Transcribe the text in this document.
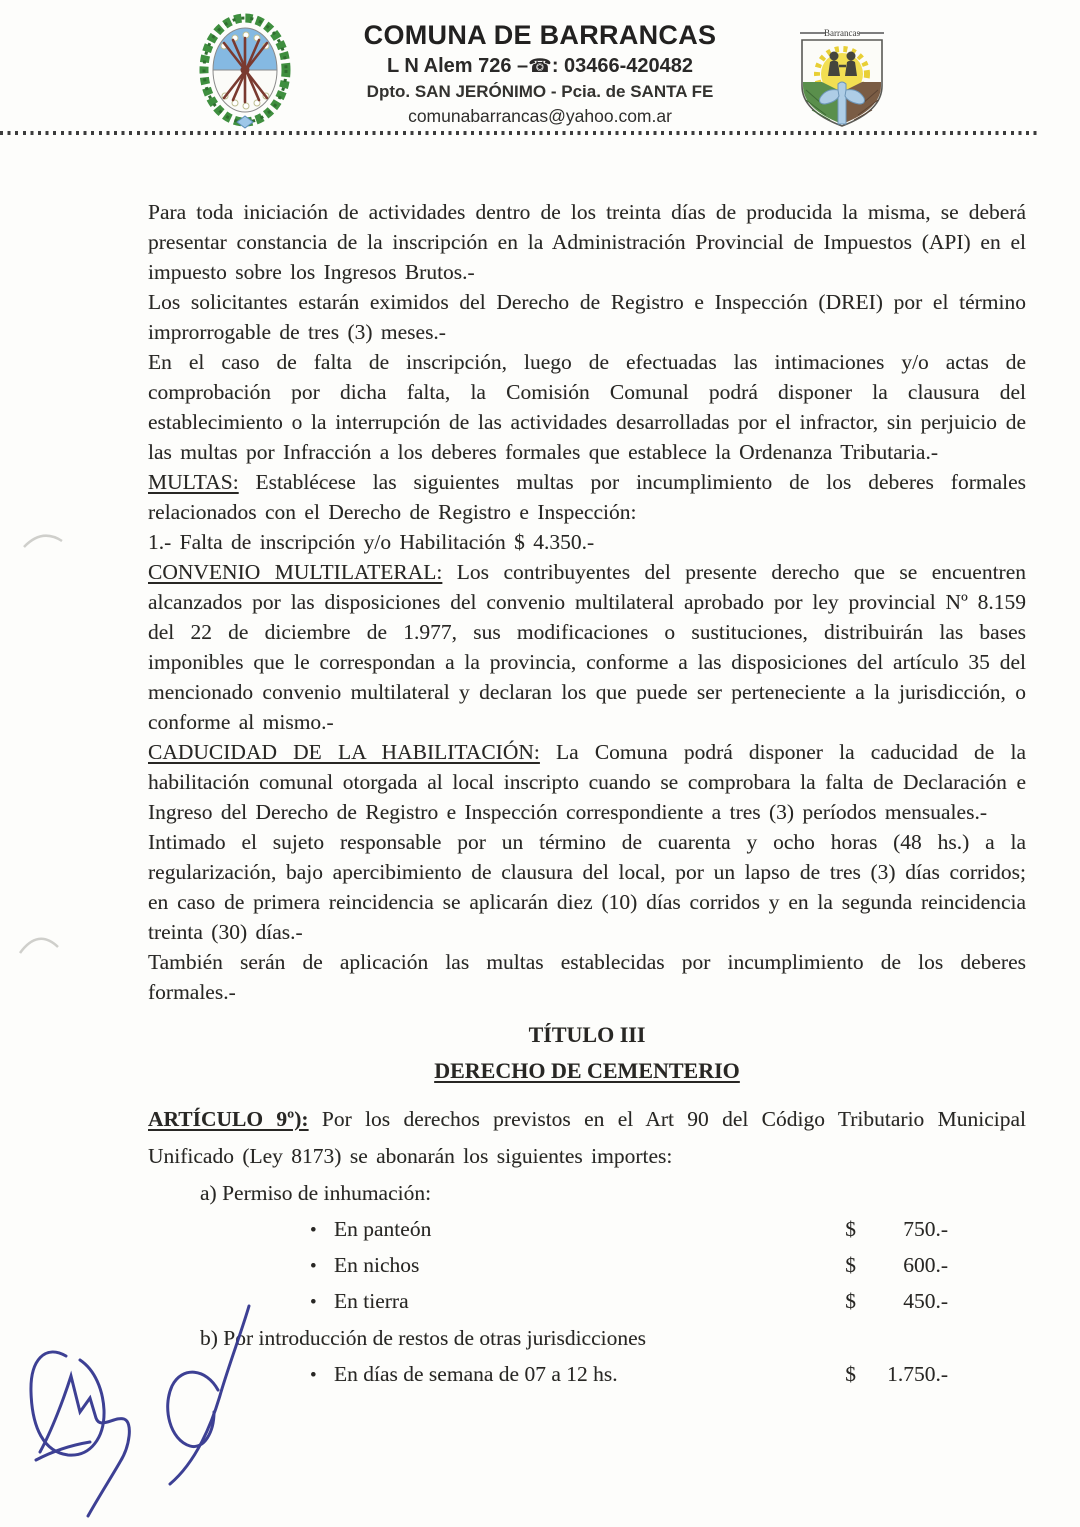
COMUNA DE BARRANCAS
L N Alem 726 –☎: 03466-420482
Dpto. SAN JERÓNIMO - Pcia. de SANTA FE
comunabarrancas@yahoo.com.ar
Barrancas

Para toda iniciación de actividades dentro de los treinta días de producida la misma, se deberá presentar constancia de la inscripción en la Administración Provincial de Impuestos (API) en el impuesto sobre los Ingresos Brutos.-

Los solicitantes estarán eximidos del Derecho de Registro e Inspección (DREI) por el término improrrogable de tres (3) meses.-

En el caso de falta de inscripción, luego de efectuadas las intimaciones y/o actas de comprobación por dicha falta, la Comisión Comunal podrá disponer la clausura del establecimiento o la interrupción de las actividades desarrolladas por el infractor, sin perjuicio de las multas por Infracción a los deberes formales que establece la Ordenanza Tributaria.-

MULTAS: Establécese las siguientes multas por incumplimiento de los deberes formales relacionados con el Derecho de Registro e Inspección:

1.- Falta de inscripción y/o Habilitación $ 4.350.-

CONVENIO MULTILATERAL: Los contribuyentes del presente derecho que se encuentren alcanzados por las disposiciones del convenio multilateral aprobado por ley provincial Nº 8.159 del 22 de diciembre de 1.977, sus modificaciones o sustituciones, distribuirán las bases imponibles que le correspondan a la provincia, conforme a las disposiciones del artículo 35 del mencionado convenio multilateral y declaran los que puede ser perteneciente a la jurisdicción, o conforme al mismo.-

CADUCIDAD DE LA HABILITACIÓN: La Comuna podrá disponer la caducidad de la habilitación comunal otorgada al local inscripto cuando se comprobara la falta de Declaración e Ingreso del Derecho de Registro e Inspección correspondiente a tres (3) períodos mensuales.-

Intimado el sujeto responsable por un término de cuarenta y ocho horas (48 hs.) a la regularización, bajo apercibimiento de clausura del local, por un lapso de tres (3) días corridos; en caso de primera reincidencia se aplicarán diez (10) días corridos y en la segunda reincidencia treinta (30) días.-

También serán de aplicación las multas establecidas por incumplimiento de los deberes formales.-

TÍTULO III

DERECHO DE CEMENTERIO

ARTÍCULO 9º): Por los derechos previstos en el Art 90 del Código Tributario Municipal Unificado (Ley 8173) se abonarán los siguientes importes:

a) Permiso de inhumación:
• En panteón	$	750.-
• En nichos	$	600.-
• En tierra	$	450.-
b) Por introducción de restos de otras jurisdicciones
• En días de semana de 07 a 12 hs.	$	1.750.-
